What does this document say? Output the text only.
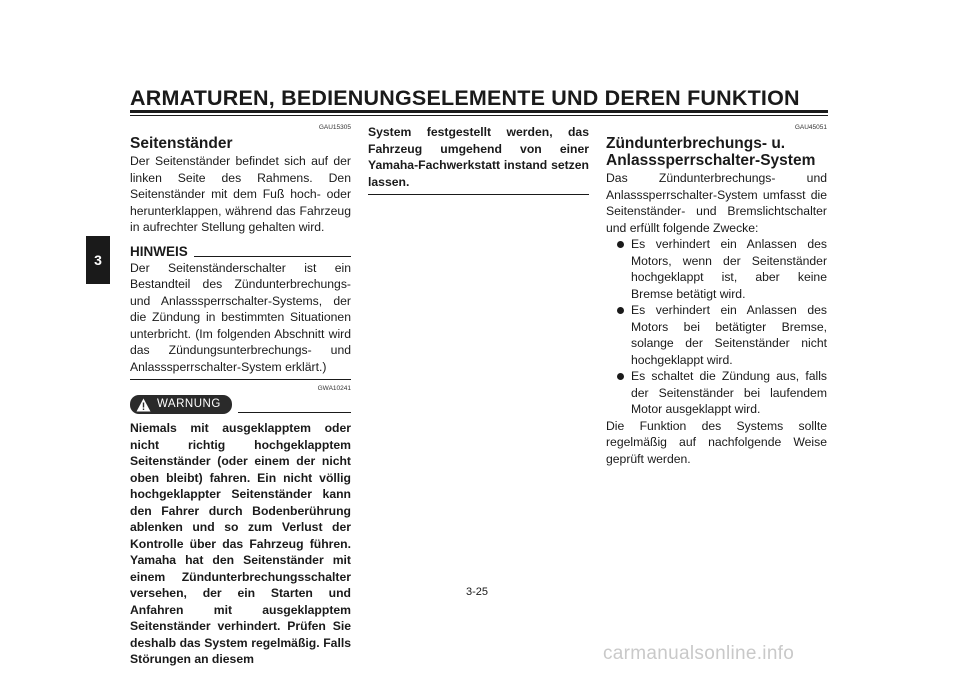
ARMATUREN, BEDIENUNGSELEMENTE UND DEREN FUNKTION
3
GAU15305
Seitenständer

Der Seitenständer befindet sich auf der linken Seite des Rahmens. Den Seitenständer mit dem Fuß hoch- oder herunterklappen, während das Fahrzeug in aufrechter Stellung gehalten wird.

HINWEIS

Der Seitenständerschalter ist ein Bestandteil des Zündunterbrechungs- und Anlasssperrschalter-Systems, der die Zündung in bestimmten Situationen unterbricht. (Im folgenden Abschnitt wird das Zündungsunterbrechungs- und Anlasssperrschalter-System erklärt.)

GWA10241
WARNUNG

Niemals mit ausgeklapptem oder nicht richtig hochgeklapptem Seitenständer (oder einem der nicht oben bleibt) fahren. Ein nicht völlig hochgeklappter Seitenständer kann den Fahrer durch Bodenberührung ablenken und so zum Verlust der Kontrolle über das Fahrzeug führen. Yamaha hat den Seitenständer mit einem Zündunterbrechungsschalter versehen, der ein Starten und Anfahren mit ausgeklapptem Seitenständer verhindert. Prüfen Sie deshalb das System regelmäßig. Falls Störungen an diesem

System festgestellt werden, das Fahrzeug umgehend von einer Yamaha-Fachwerkstatt instand setzen lassen.

GAU45051
Zündunterbrechungs- u. Anlasssperrschalter-System

Das Zündunterbrechungs- und Anlasssperrschalter-System umfasst die Seitenständer- und Bremslichtschalter und erfüllt folgende Zwecke:

Es verhindert ein Anlassen des Motors, wenn der Seitenständer hochgeklappt ist, aber keine Bremse betätigt wird.
Es verhindert ein Anlassen des Motors bei betätigter Bremse, solange der Seitenständer nicht hochgeklappt wird.
Es schaltet die Zündung aus, falls der Seitenständer bei laufendem Motor ausgeklappt wird.

Die Funktion des Systems sollte regelmäßig auf nachfolgende Weise geprüft werden.

3-25
carmanualsonline.info
